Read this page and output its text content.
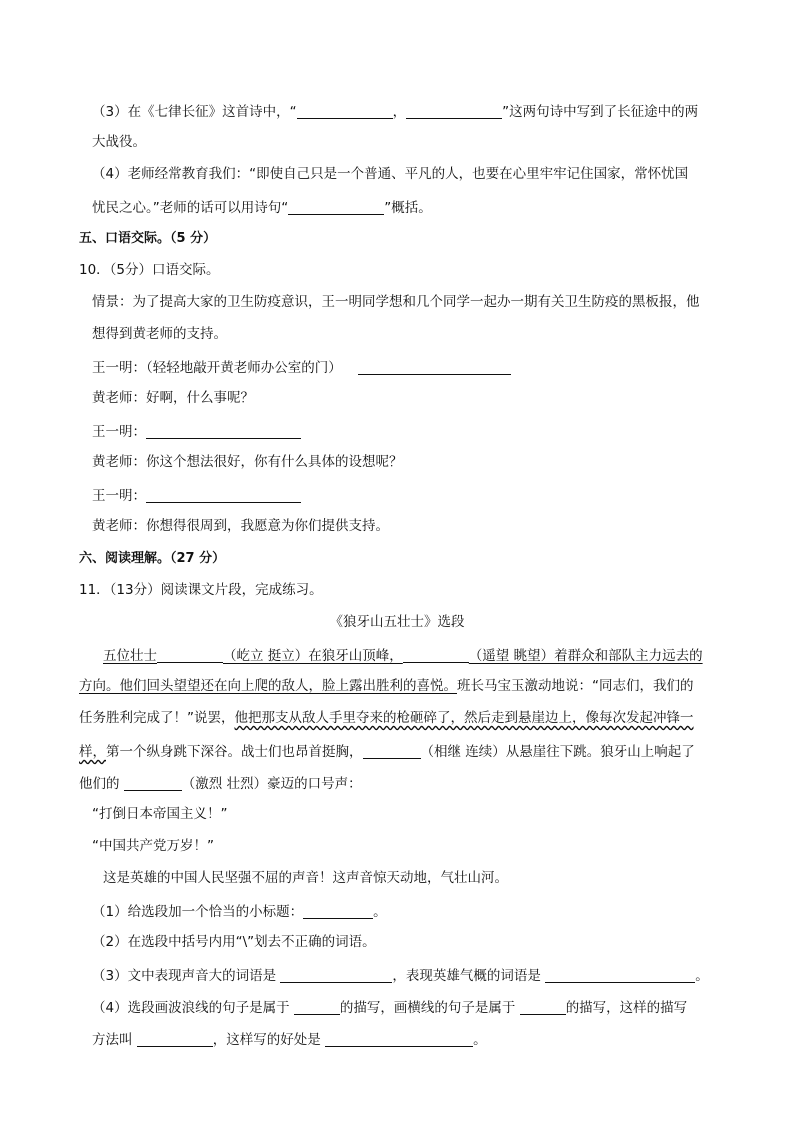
（3）在《七律长征》这首诗中，“	，	”这两句诗中写到了长征途中的两
大战役。
（4）老师经常教育我们：“即使自己只是一个普通、平凡的人，也要在心里牢牢记住国家，常怀忧国
忧民之心。”老师的话可以用诗句“	”概括。
五、口语交际。（5 分）
10．（5分）口语交际。
情景：为了提高大家的卫生防疫意识，王一明同学想和几个同学一起办一期有关卫生防疫的黑板报，他
想得到黄老师的支持。
王一明：（轻轻地敲开黄老师办公室的门）
黄老师：好啊，什么事呢？
王一明：
黄老师：你这个想法很好，你有什么具体的设想呢？
王一明：
黄老师：你想得很周到，我愿意为你们提供支持。
六、阅读理解。（27 分）
11．（13分）阅读课文片段，完成练习。
《狼牙山五壮士》选段
五位壮士	（屹立 挺立）在狼牙山顶峰，	（遥望 眺望）着群众和部队主力远去的
方向。他们回头望望还在向上爬的敌人，脸上露出胜利的喜悦。班长马宝玉激动地说：“同志们，我们的
任务胜利完成了！”说罢，他把那支从敌人手里夺来的枪砸碎了，然后走到悬崖边上，像每次发起冲锋一
样，第一个纵身跳下深谷。战士们也昂首挺胸，	（相继 连续）从悬崖往下跳。狼牙山上响起了
他们的	（激烈 壮烈）豪迈的口号声：
“打倒日本帝国主义！”
“中国共产党万岁！”
这是英雄的中国人民坚强不屈的声音！这声音惊天动地，气壮山河。
（1）给选段加一个恰当的小标题：	。
（2）在选段中括号内用“\”划去不正确的词语。
（3）文中表现声音大的词语是	，表现英雄气概的词语是	。
（4）选段画波浪线的句子是属于	的描写，画横线的句子是属于	的描写，这样的描写
方法叫	，这样写的好处是	。
